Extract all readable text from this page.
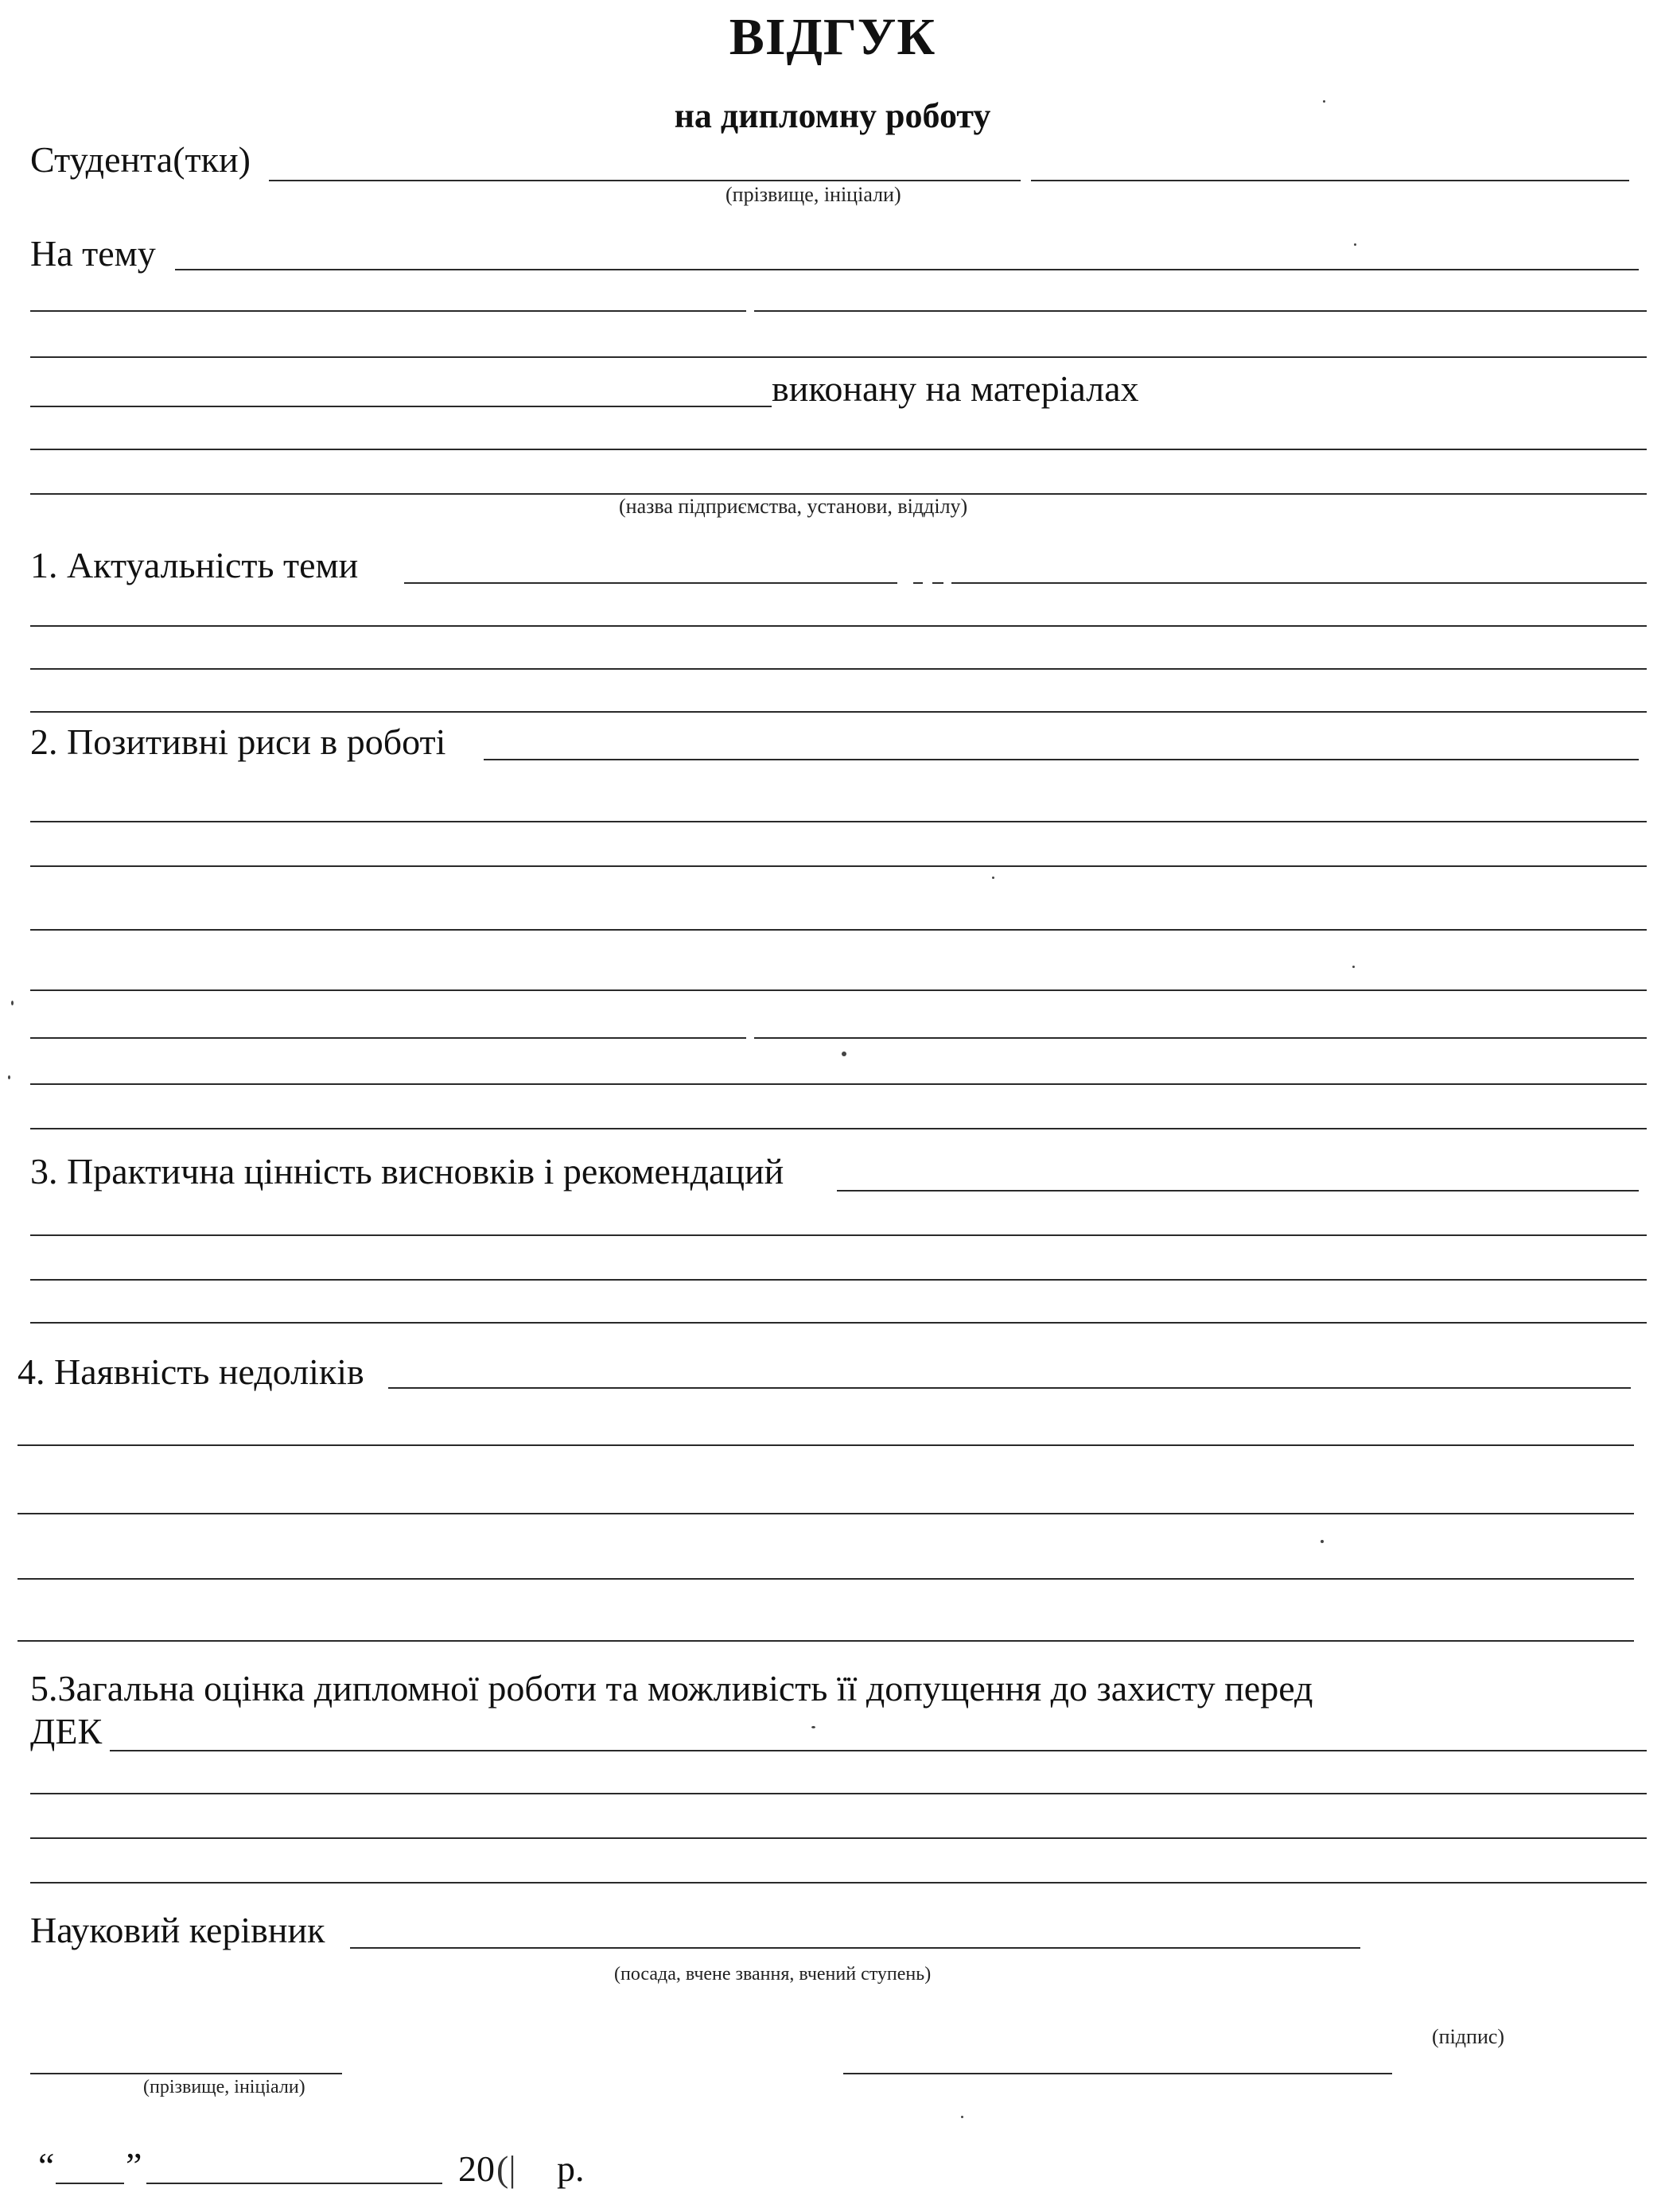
ВІДГУК
на дипломну роботу
Студента(тки)
(прізвище, ініціали)
На тему
виконану на матеріалах
(назва підприємства, установи, відділу)
1. Актуальність теми
2. Позитивні риси в роботі
3. Практична цінність висновків і рекомендаций
4. Наявність недоліків
5.Загальна оцінка дипломної роботи та можливість її допущення до захисту перед
ДЕК
Науковий керівник
(посада, вчене звання, вчений ступень)
(підпис)
(прізвище, ініціали)
“ ”	20 (| р.
